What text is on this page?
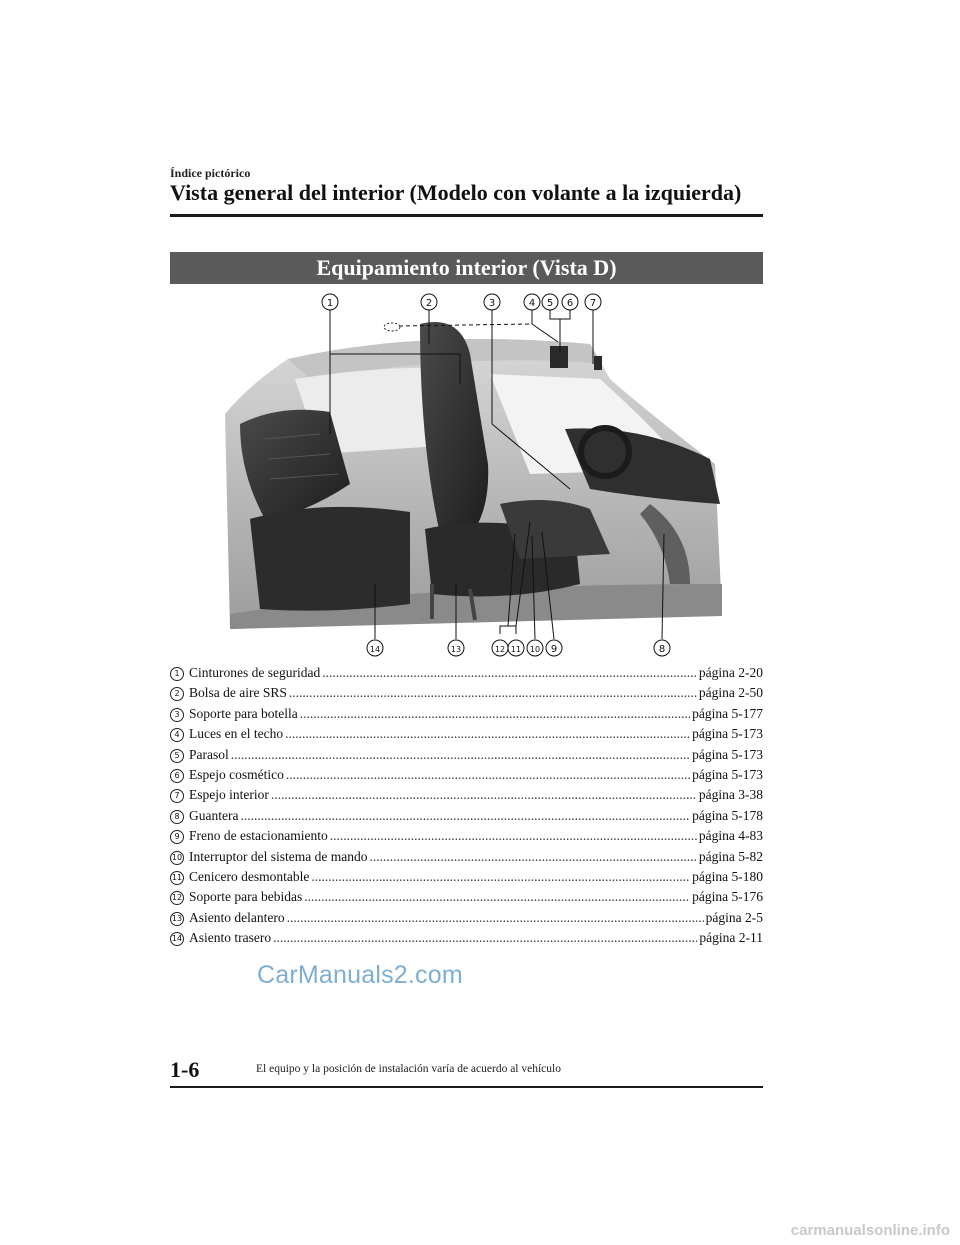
Índice pictórico
Vista general del interior (Modelo con volante a la izquierda)
Equipamiento interior (Vista D)
1	2	3	4 5 6 7
14	13	12 11 10 9	8
1 Cinturones de seguridad .....	página 2-20
2 Bolsa de aire SRS .....	página 2-50
3 Soporte para botella .....	página 5-177
4 Luces en el techo .....	página 5-173
5 Parasol .....	página 5-173
6 Espejo cosmético .....	página 5-173
7 Espejo interior .....	página 3-38
8 Guantera .....	página 5-178
9 Freno de estacionamiento .....	página 4-83
10 Interruptor del sistema de mando .....	página 5-82
11 Cenicero desmontable .....	página 5-180
12 Soporte para bebidas .....	página 5-176
13 Asiento delantero .....	página 2-5
14 Asiento trasero .....	página 2-11
CarManuals2.com
1-6	El equipo y la posición de instalación varía de acuerdo al vehículo
carmanualsonline.info
